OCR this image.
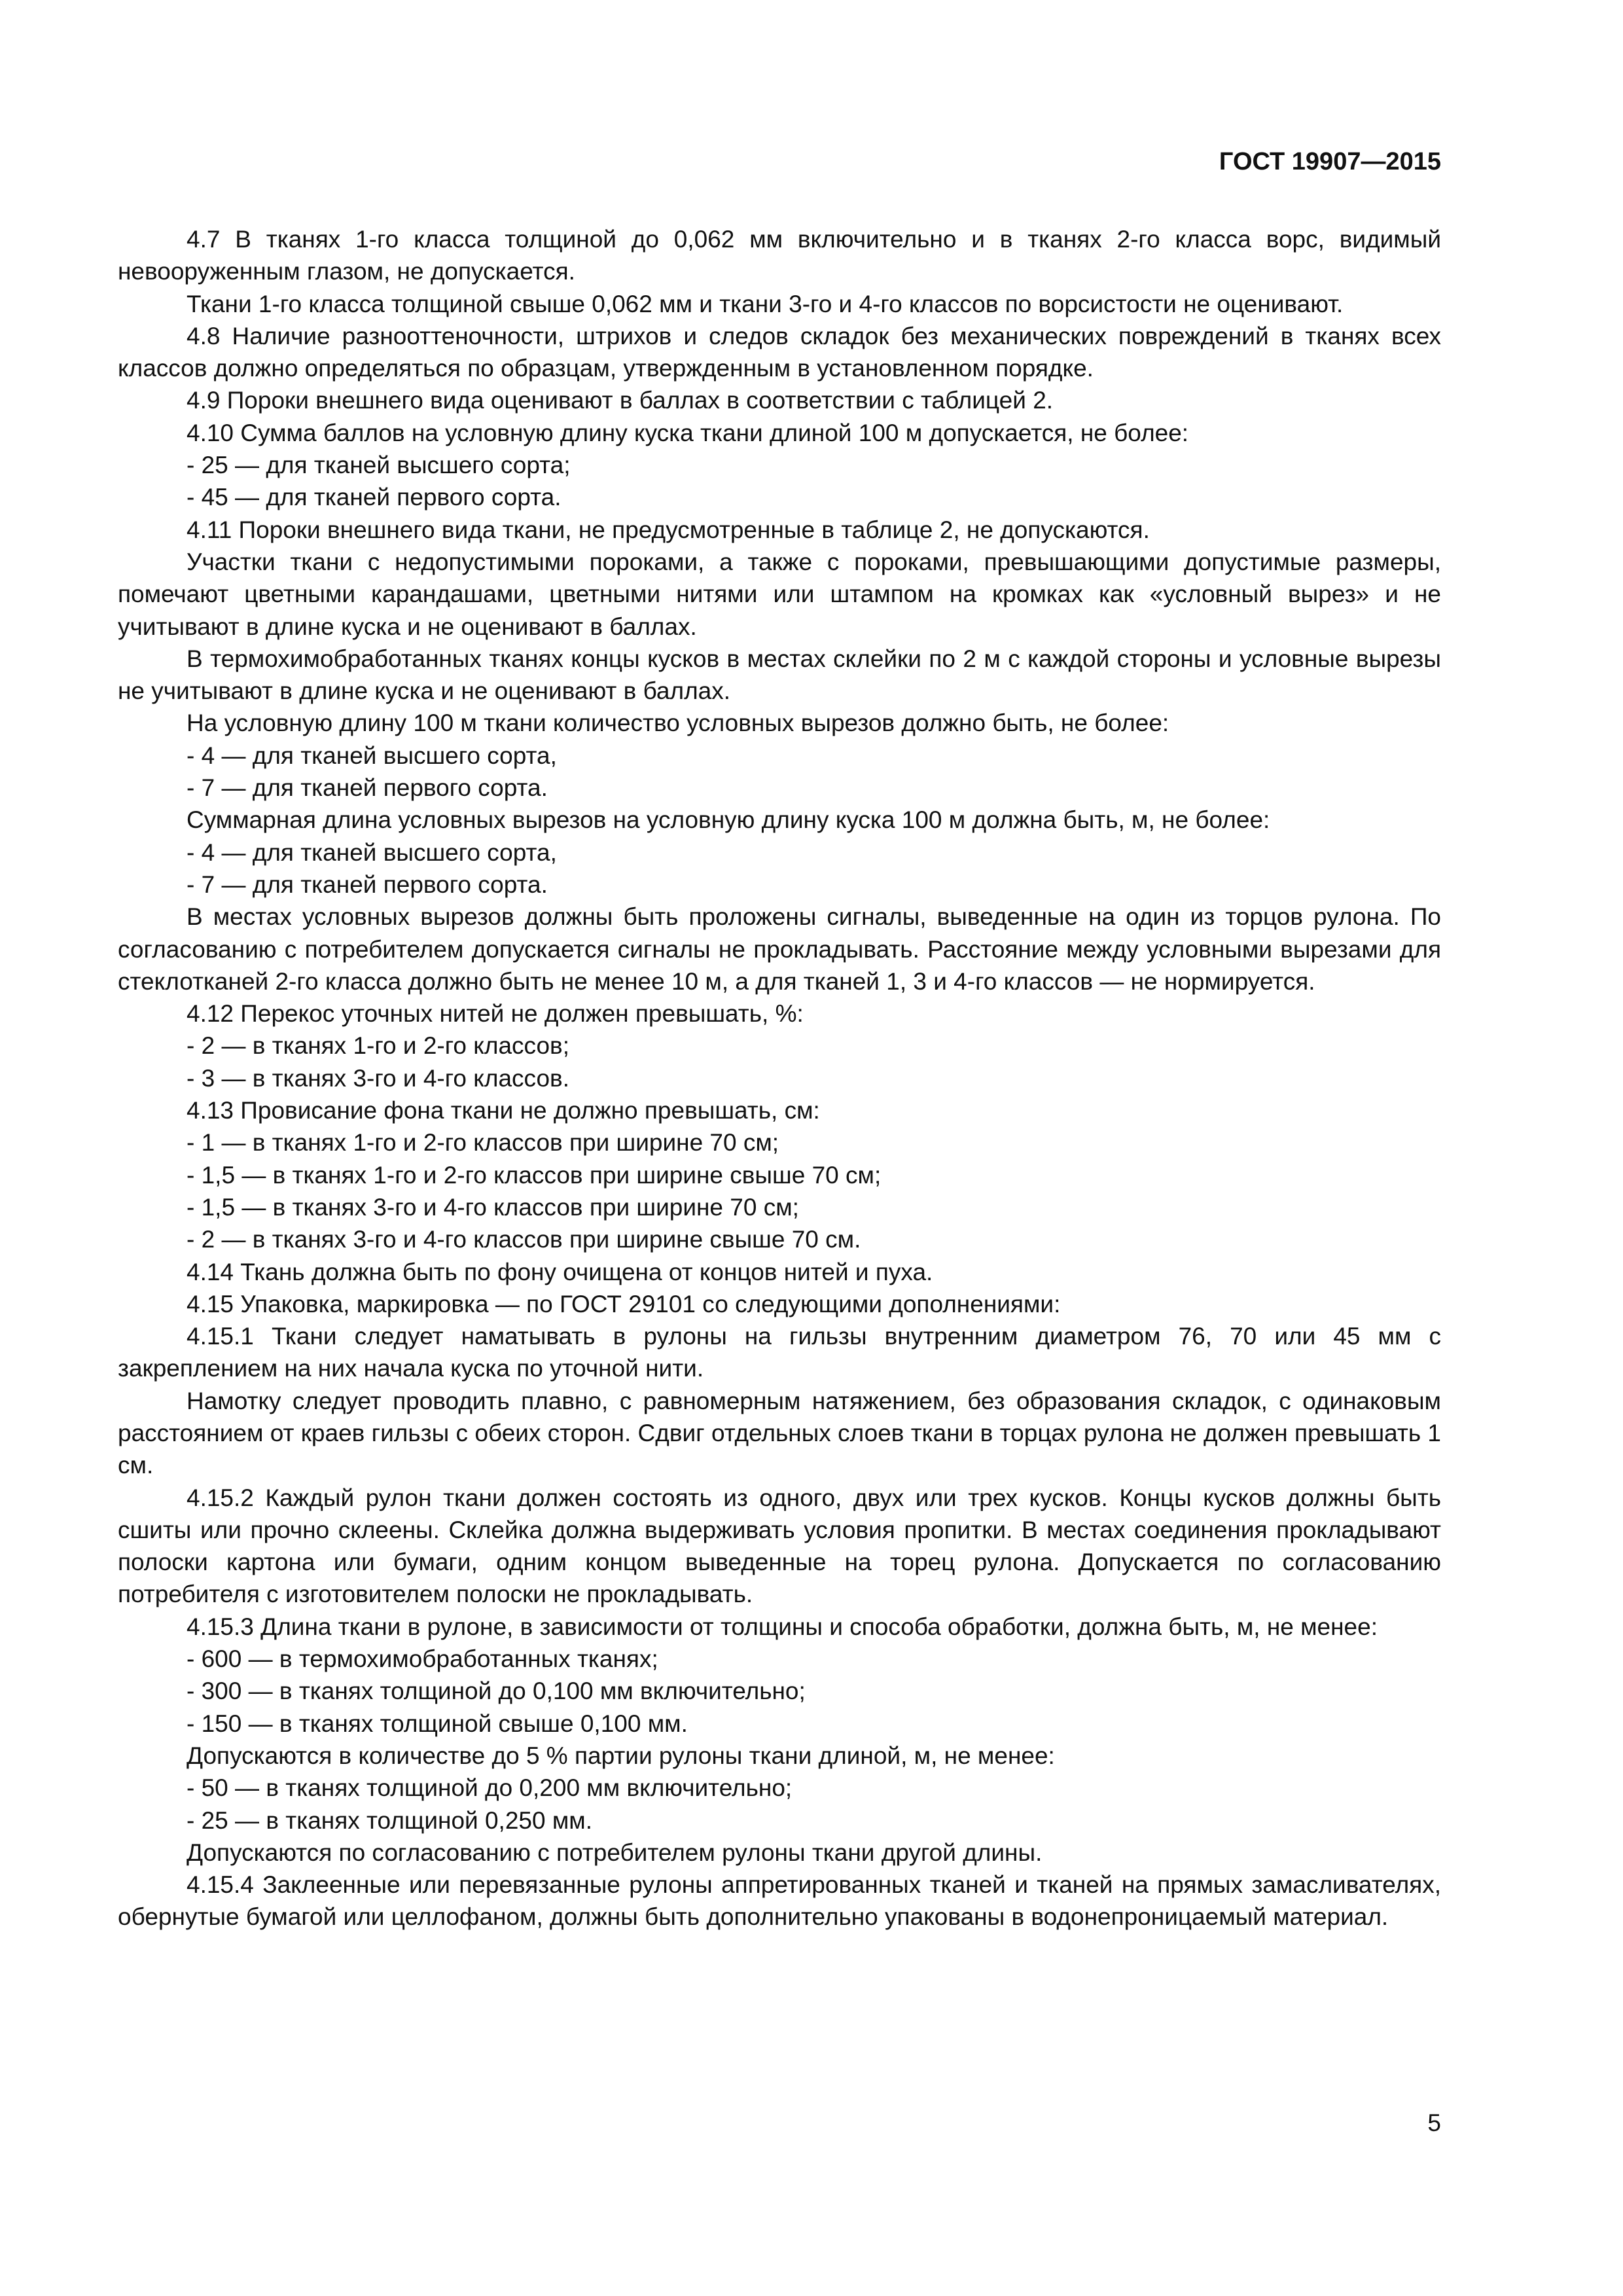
ГОСТ 19907—2015

4.7 В тканях 1-го класса толщиной до 0,062 мм включительно и в тканях 2-го класса ворс, видимый невооруженным глазом, не допускается.

Ткани 1-го класса толщиной свыше 0,062 мм и ткани 3-го и 4-го классов по ворсистости не оценивают.

4.8 Наличие разнооттеночности, штрихов и следов складок без механических повреждений в тканях всех классов должно определяться по образцам, утвержденным в установленном порядке.

4.9 Пороки внешнего вида оценивают в баллах в соответствии с таблицей 2.

4.10 Сумма баллов на условную длину куска ткани длиной 100 м допускается, не более:

- 25 — для тканей высшего сорта;

- 45 — для тканей первого сорта.

4.11 Пороки внешнего вида ткани, не предусмотренные в таблице 2, не допускаются.

Участки ткани с недопустимыми пороками, а также с пороками, превышающими допустимые размеры, помечают цветными карандашами, цветными нитями или штампом на кромках как «условный вырез» и не учитывают в длине куска и не оценивают в баллах.

В термохимобработанных тканях концы кусков в местах склейки по 2 м с каждой стороны и условные вырезы не учитывают в длине куска и не оценивают в баллах.

На условную длину 100 м ткани количество условных вырезов должно быть, не более:

- 4 — для тканей высшего сорта,

- 7 — для тканей первого сорта.

Суммарная длина условных вырезов на условную длину куска 100 м должна быть, м, не более:

- 4 — для тканей высшего сорта,

- 7 — для тканей первого сорта.

В местах условных вырезов должны быть проложены сигналы, выведенные на один из торцов рулона. По согласованию с потребителем допускается сигналы не прокладывать. Расстояние между условными вырезами для стеклотканей 2-го класса должно быть не менее 10 м, а для тканей 1, 3 и 4-го классов — не нормируется.

4.12 Перекос уточных нитей не должен превышать, %:

- 2 — в тканях 1-го и 2-го классов;

- 3 — в тканях 3-го и 4-го классов.

4.13 Провисание фона ткани не должно превышать, см:

- 1 — в тканях 1-го и 2-го классов при ширине 70 см;

- 1,5 — в тканях 1-го и 2-го классов при ширине свыше 70 см;

- 1,5 — в тканях 3-го и 4-го классов при ширине 70 см;

- 2 — в тканях 3-го и 4-го классов при ширине свыше 70 см.

4.14 Ткань должна быть по фону очищена от концов нитей и пуха.

4.15 Упаковка, маркировка — по ГОСТ 29101 со следующими дополнениями:

4.15.1 Ткани следует наматывать в рулоны на гильзы внутренним диаметром 76, 70 или 45 мм с закреплением на них начала куска по уточной нити.

Намотку следует проводить плавно, с равномерным натяжением, без образования складок, с одинаковым расстоянием от краев гильзы с обеих сторон. Сдвиг отдельных слоев ткани в торцах рулона не должен превышать 1 см.

4.15.2 Каждый рулон ткани должен состоять из одного, двух или трех кусков. Концы кусков должны быть сшиты или прочно склеены. Склейка должна выдерживать условия пропитки. В местах соединения прокладывают полоски картона или бумаги, одним концом выведенные на торец рулона. Допускается по согласованию потребителя с изготовителем полоски не прокладывать.

4.15.3 Длина ткани в рулоне, в зависимости от толщины и способа обработки, должна быть, м, не менее:

- 600 — в термохимобработанных тканях;

- 300 — в тканях толщиной до 0,100 мм включительно;

- 150 — в тканях толщиной свыше 0,100 мм.

Допускаются в количестве до 5 % партии рулоны ткани длиной, м, не менее:

- 50 — в тканях толщиной до 0,200 мм включительно;

- 25 — в тканях толщиной 0,250 мм.

Допускаются по согласованию с потребителем рулоны ткани другой длины.

4.15.4 Заклеенные или перевязанные рулоны аппретированных тканей и тканей на прямых замасливателях, обернутые бумагой или целлофаном, должны быть дополнительно упакованы в водонепроницаемый материал.

5
